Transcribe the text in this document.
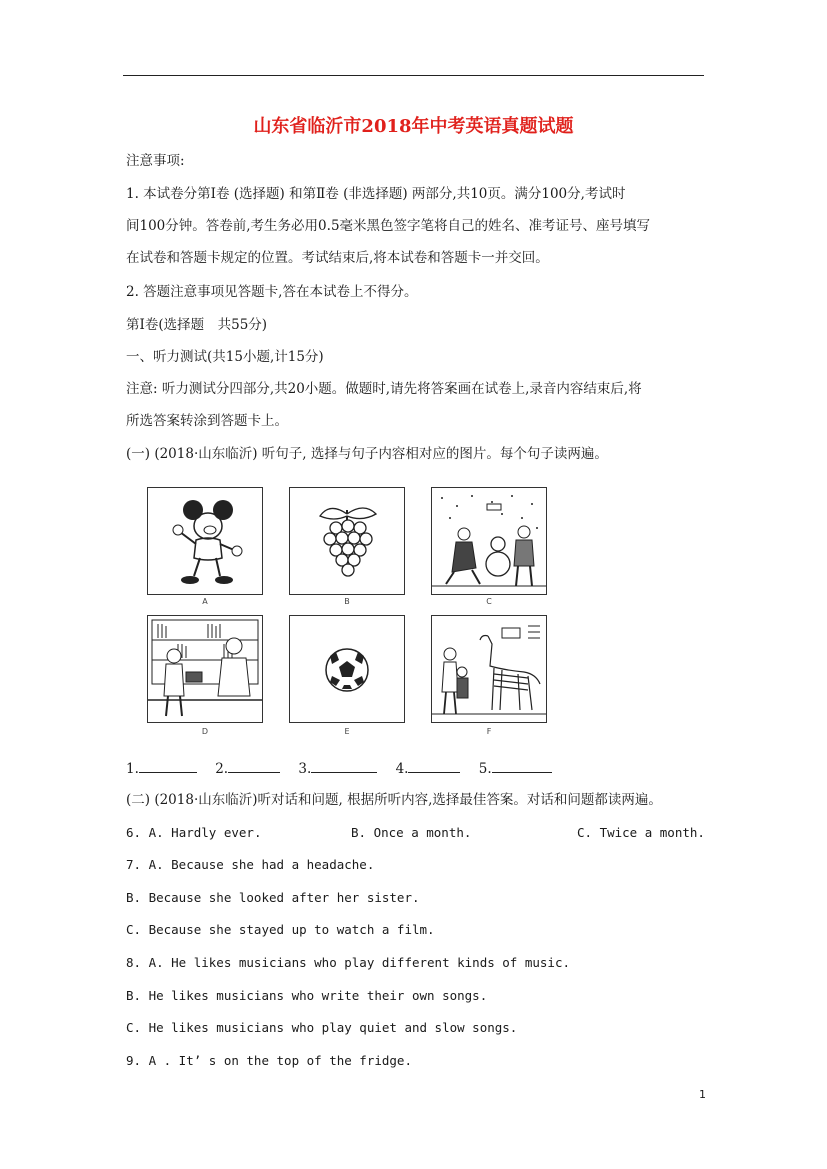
山东省临沂市2018年中考英语真题试题
注意事项:
1. 本试卷分第Ⅰ卷 (选择题) 和第Ⅱ卷 (非选择题) 两部分,共10页。满分100分,考试时
间100分钟。答卷前,考生务必用0.5毫米黑色签字笔将自己的姓名、准考证号、座号填写
在试卷和答题卡规定的位置。考试结束后,将本试卷和答题卡一并交回。
2. 答题注意事项见答题卡,答在本试卷上不得分。
第Ⅰ卷(选择题　共55分)
一、听力测试(共15小题,计15分)
注意: 听力测试分四部分,共20小题。做题时,请先将答案画在试卷上,录音内容结束后,将
所选答案转涂到答题卡上。
(一) (2018·山东临沂) 听句子, 选择与句子内容相对应的图片。每个句子读两遍。
A	B	C
D	E	F
1.	2.	3.	4.	5.
(二) (2018·山东临沂)听对话和问题, 根据所听内容,选择最佳答案。对话和问题都读两遍。
6. A. Hardly ever.	B. Once a month.	C. Twice a month.
7. A. Because she had a headache.
B. Because she looked after her sister.
C. Because she stayed up to watch a film.
8. A. He likes musicians who play different kinds of music.
B. He likes musicians who write their own songs.
C. He likes musicians who play quiet and slow songs.
9. A . It’ s on the top of the fridge.
1
